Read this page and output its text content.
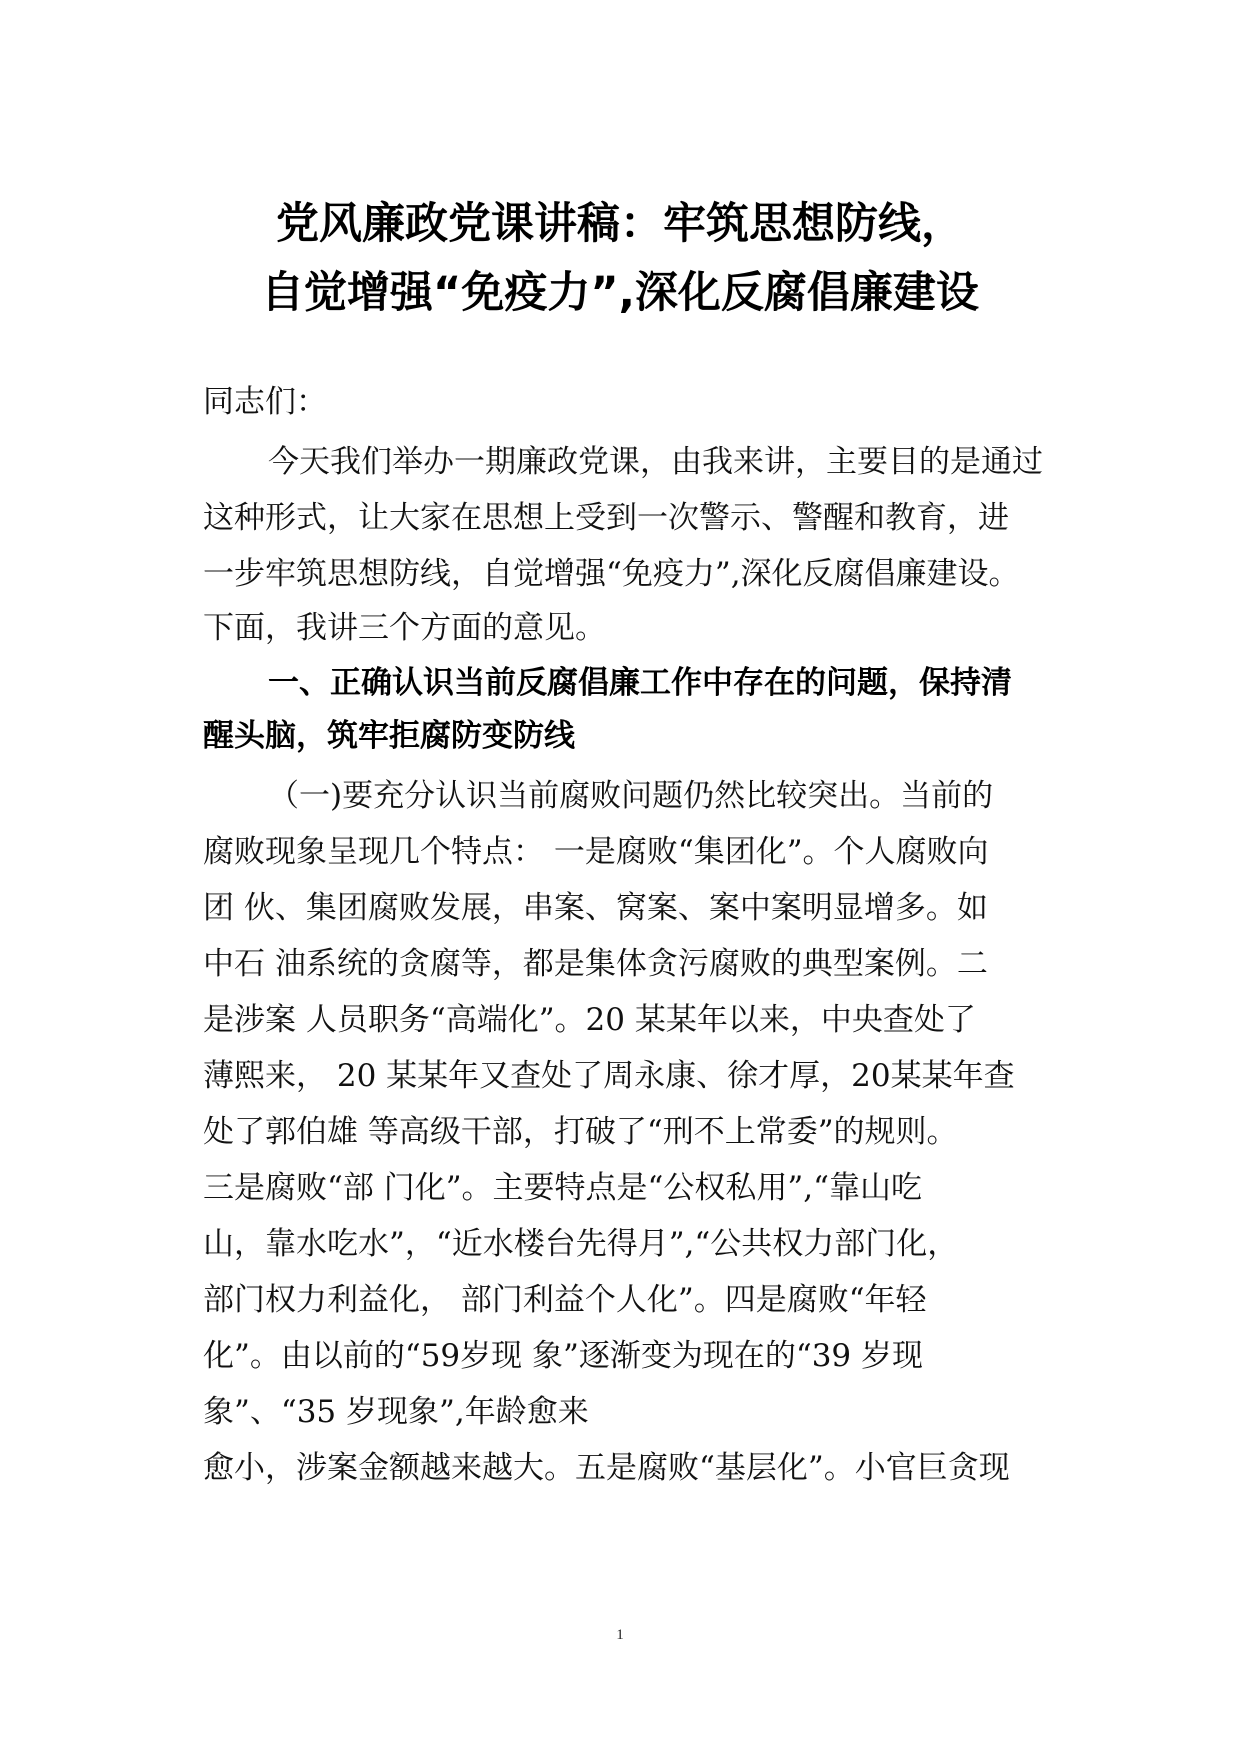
党风廉政党课讲稿：牢筑思想防线，
自觉增强“免疫力”,深化反腐倡廉建设
同志们：
今天我们举办一期廉政党课，由我来讲，主要目的是通过
这种形式，让大家在思想上受到一次警示、警醒和教育，进
一步牢筑思想防线，自觉增强“免疫力”,深化反腐倡廉建设。
下面，我讲三个方面的意见。
一、正确认识当前反腐倡廉工作中存在的问题，保持清
醒头脑，筑牢拒腐防变防线
（一)要充分认识当前腐败问题仍然比较突出。当前的
腐败现象呈现几个特点： 一是腐败“集团化”。个人腐败向
团 伙、集团腐败发展，串案、窝案、案中案明显增多。如
中石 油系统的贪腐等，都是集体贪污腐败的典型案例。二
是涉案 人员职务“高端化”。20 某某年以来，中央查处了
薄熙来， 20 某某年又查处了周永康、徐才厚，20某某年查
处了郭伯雄 等高级干部，打破了“刑不上常委”的规则。
三是腐败“部 门化”。主要特点是“公权私用”,“靠山吃
山，靠水吃水”，“近水楼台先得月”,“公共权力部门化，
部门权力利益化， 部门利益个人化”。四是腐败“年轻
化”。由以前的“59岁现 象”逐渐变为现在的“39 岁现
象”、“35 岁现象”,年龄愈来
愈小，涉案金额越来越大。五是腐败“基层化”。小官巨贪现
1
